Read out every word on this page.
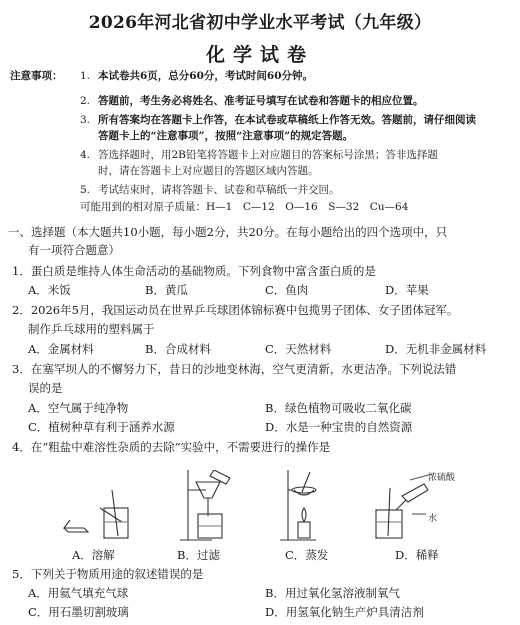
2026年河北省初中学业水平考试（九年级）
化学试卷
注意事项： 1. 本试卷共6页，总分60分，考试时间60分钟。
2. 答题前，考生务必将姓名、准考证号填写在试卷和答题卡的相应位置。
3. 所有答案均在答题卡上作答，在本试卷或草稿纸上作答无效。答题前，请仔细阅读
答题卡上的“注意事项”，按照“注意事项”的规定答题。
4. 答选择题时，用2B铅笔将答题卡上对应题目的答案标号涂黑；答非选择题
时，请在答题卡上对应题目的答题区域内答题。
5. 考试结束时，请将答题卡、试卷和草稿纸一并交回。
可能用到的相对原子质量：H—1　C—12　O—16　S—32　Cu—64
一、选择题（本大题共10小题，每小题2分，共20分。在每小题给出的四个选项中，只
有一项符合题意）
1．蛋白质是维持人体生命活动的基础物质。下列食物中富含蛋白质的是
A．米饭	B．黄瓜	C．鱼肉	D．苹果
2．2026年5月，我国运动员在世界乒乓球团体锦标赛中包揽男子团体、女子团体冠军。
制作乒乓球用的塑料属于
A．金属材料	B．合成材料	C．天然材料	D．无机非金属材料
3．在塞罕坝人的不懈努力下，昔日的沙地变林海，空气更清新，水更洁净。下列说法错
误的是
A．空气属于纯净物	B．绿色植物可吸收二氧化碳
C．植树种草有利于涵养水源	D．水是一种宝贵的自然资源
4．在“粗盐中难溶性杂质的去除”实验中，不需要进行的操作是
浓硫酸
水
A．溶解	B．过滤	C．蒸发	D．稀释
5．下列关于物质用途的叙述错误的是
A．用氦气填充气球	B．用过氧化氢溶液制氧气
C．用石墨切割玻璃	D．用氢氧化钠生产炉具清洁剂
